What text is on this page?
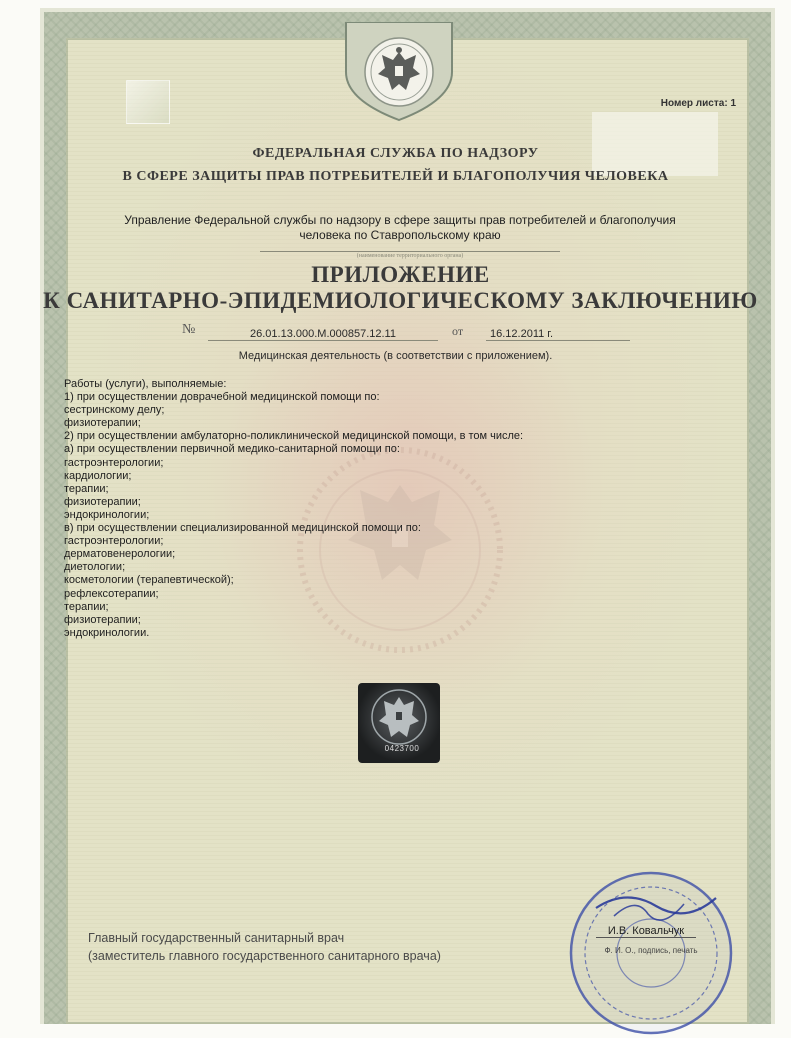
Номер листа: 1
ФЕДЕРАЛЬНАЯ СЛУЖБА ПО НАДЗОРУ
В СФЕРЕ ЗАЩИТЫ ПРАВ ПОТРЕБИТЕЛЕЙ И БЛАГОПОЛУЧИЯ ЧЕЛОВЕКА
Управление Федеральной службы по надзору в сфере защиты прав потребителей и благополучия человека по Ставропольскому краю
(наименование территориального органа)
ПРИЛОЖЕНИЕ
К САНИТАРНО-ЭПИДЕМИОЛОГИЧЕСКОМУ ЗАКЛЮЧЕНИЮ
№	26.01.13.000.М.000857.12.11	от	16.12.2011 г.
Медицинская деятельность (в соответствии с приложением).
Работы (услуги), выполняемые:
1) при осуществлении доврачебной медицинской помощи по:
сестринскому делу;
физиотерапии;
2) при осуществлении амбулаторно-поликлинической медицинской помощи, в том числе:
а) при осуществлении первичной медико-санитарной помощи по:
гастроэнтерологии;
кардиологии;
терапии;
физиотерапии;
эндокринологии;
в) при осуществлении специализированной медицинской помощи по:
гастроэнтерологии;
дерматовенерологии;
диетологии;
косметологии (терапевтической);
рефлексотерапии;
терапии;
физиотерапии;
эндокринологии.
0423700
Главный государственный санитарный врач
(заместитель главного государственного санитарного врача)
И.В. Ковальчук
Ф. И. О., подпись, печать
